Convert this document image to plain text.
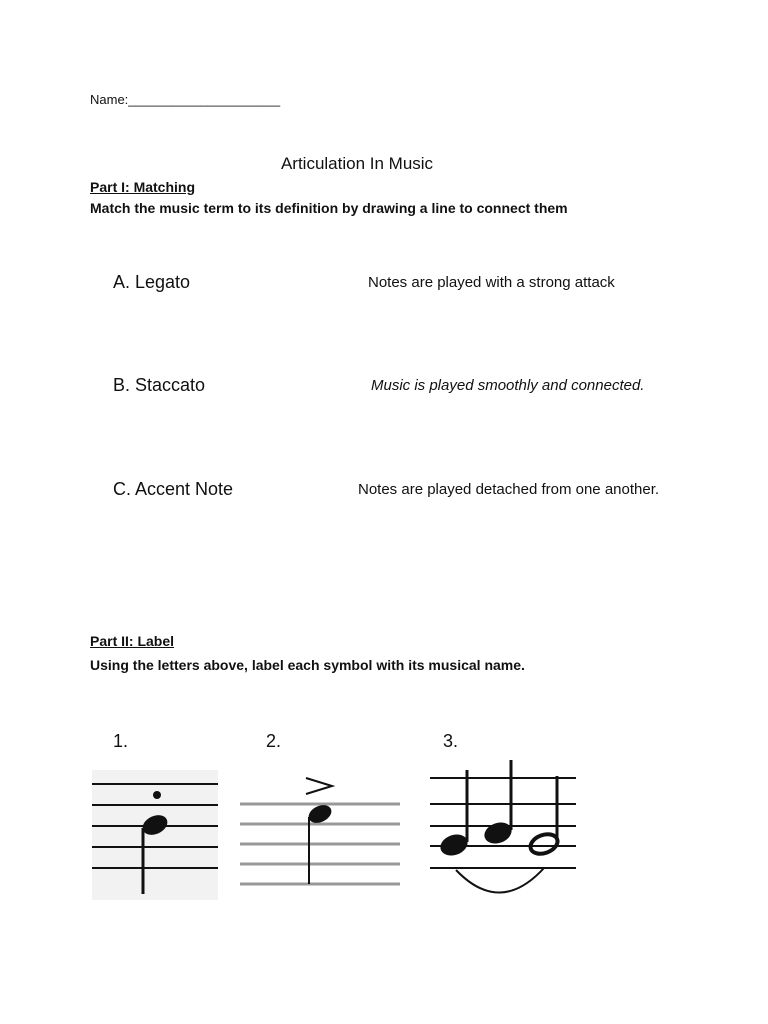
Name:_____________________
Articulation In Music
Part I: Matching
Match the music term to its definition by drawing a line to connect them
A. Legato
B. Staccato
C. Accent Note
Notes are played with a strong attack
Music is played smoothly and connected.
Notes are played detached from one another.
Part II: Label
Using the letters above, label each symbol with its musical name.
1.	2.	3.
